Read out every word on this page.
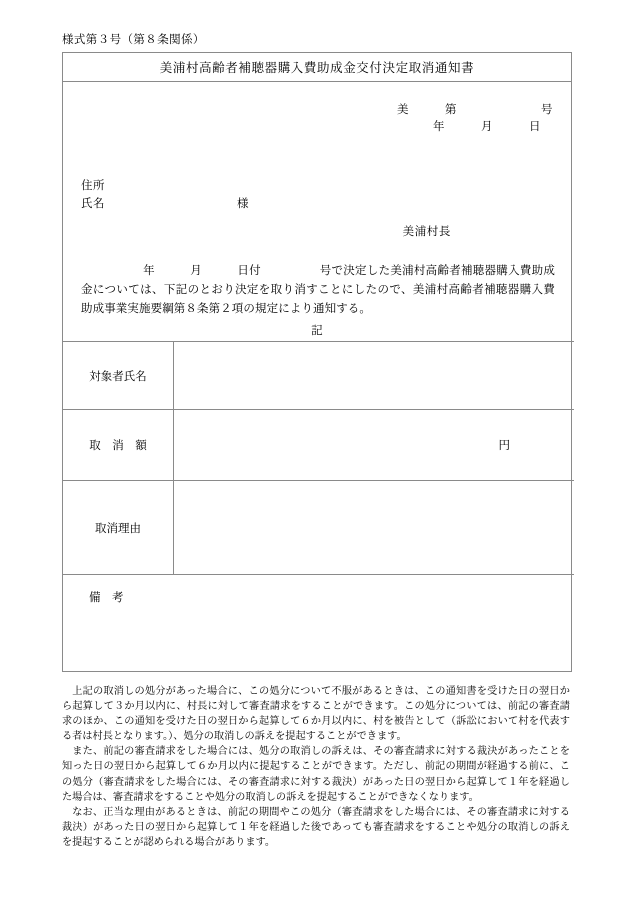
様式第３号（第８条関係）
美浦村高齢者補聴器購入費助成金交付決定取消通知書
美　　　第　　　　　　　号
　　　年　　　月　　　日
住所
氏名　　　　　　　　　　　	様
美浦村長
年　　　月　　　日付　　　　　号で決定した美浦村高齢者補聴器購入費助成金については、下記のとおり決定を取り消すことにしたので、美浦村高齢者補聴器購入費助成事業実施要綱第８条第２項の規定により通知する。
記
対象者氏名	
取　消　額	円

取消理由	

備　考	

上記の取消しの処分があった場合に、この処分について不服があるときは、この通知書を受けた日の翌日から起算して３か月以内に、村長に対して審査請求をすることができます。この処分については、前記の審査請求のほか、この通知を受けた日の翌日から起算して６か月以内に、村を被告として（訴訟において村を代表する者は村長となります。）、処分の取消しの訴えを提起することができます。

また、前記の審査請求をした場合には、処分の取消しの訴えは、その審査請求に対する裁決があったことを知った日の翌日から起算して６か月以内に提起することができます。ただし、前記の期間が経過する前に、この処分（審査請求をした場合には、その審査請求に対する裁決）があった日の翌日から起算して１年を経過した場合は、審査請求をすることや処分の取消しの訴えを提起することができなくなります。

なお、正当な理由があるときは、前記の期間やこの処分（審査請求をした場合には、その審査請求に対する裁決）があった日の翌日から起算して１年を経過した後であっても審査請求をすることや処分の取消しの訴えを提起することが認められる場合があります。
